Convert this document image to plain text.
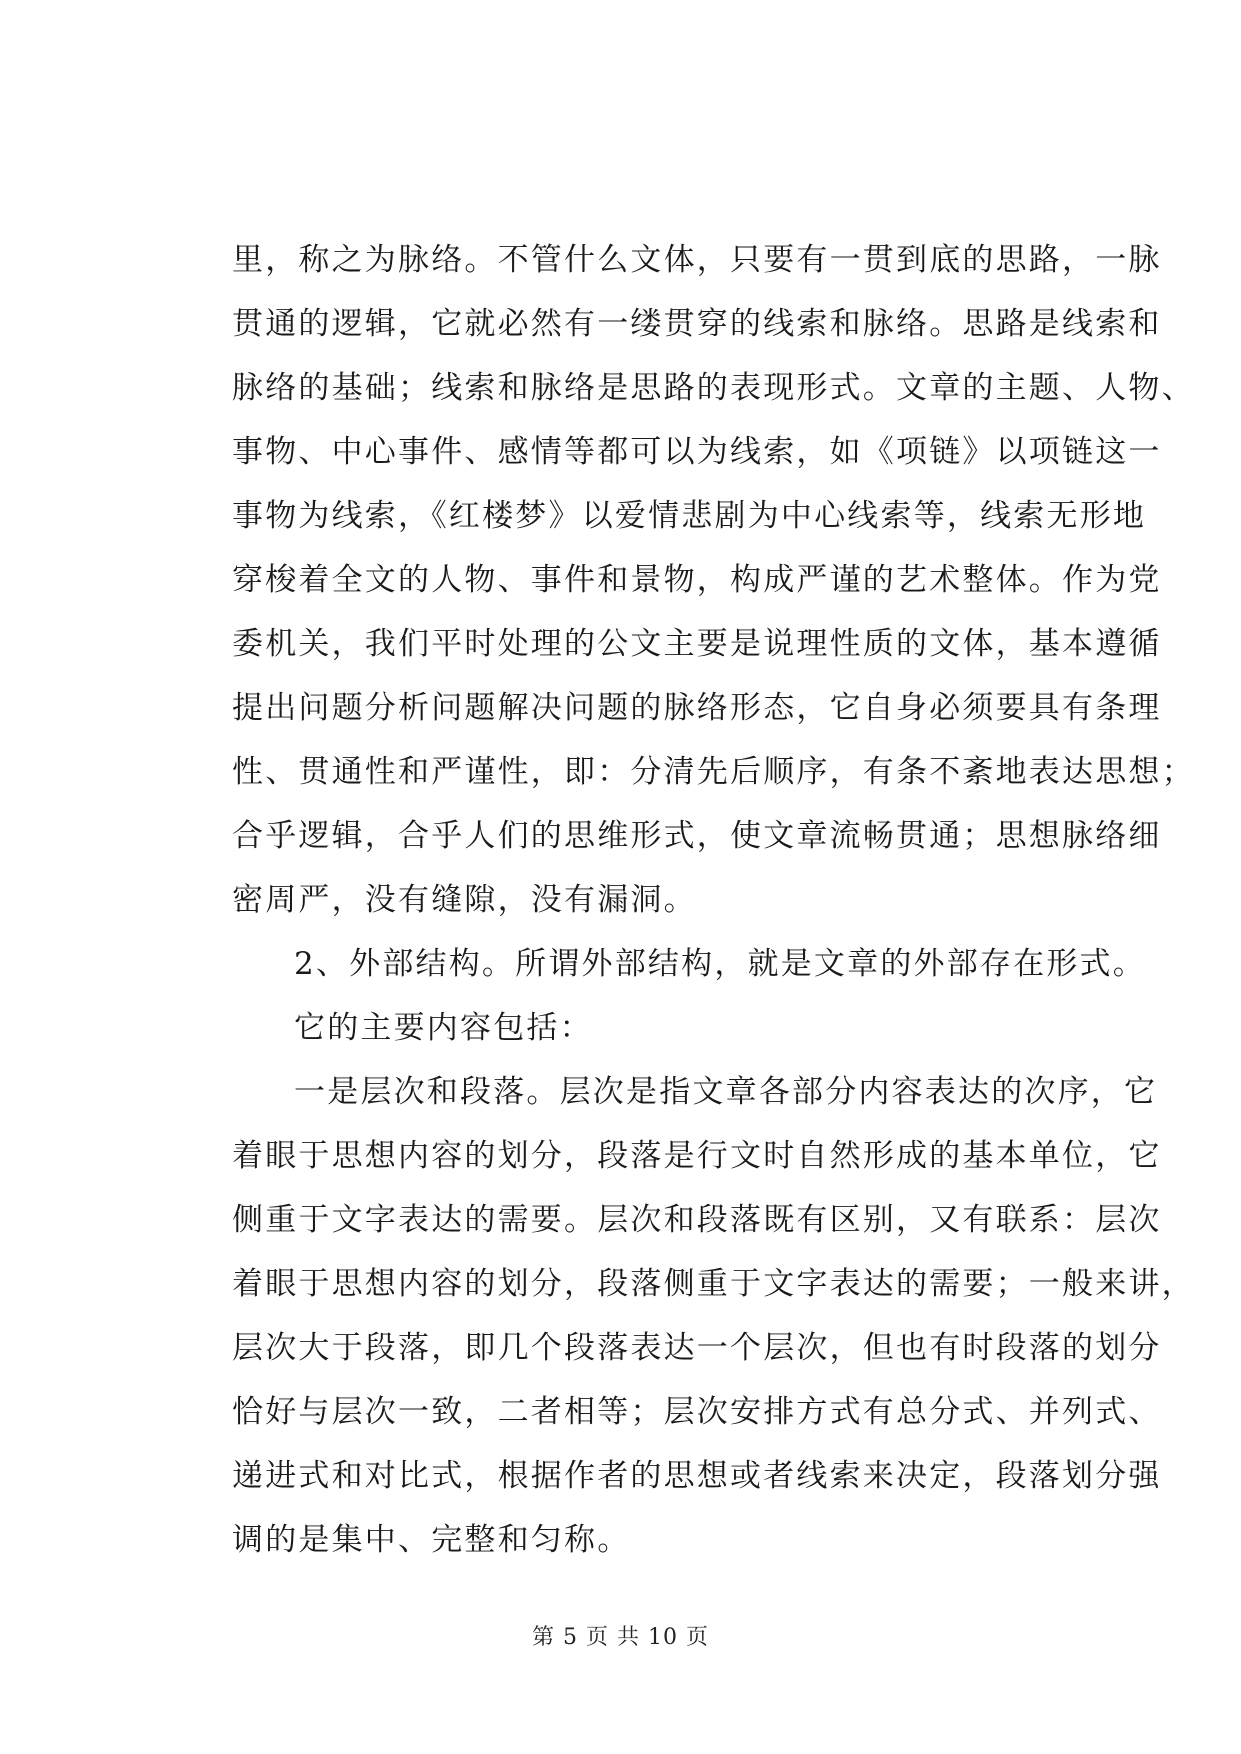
里，称之为脉络。不管什么文体，只要有一贯到底的思路，一脉
贯通的逻辑，它就必然有一缕贯穿的线索和脉络。思路是线索和
脉络的基础；线索和脉络是思路的表现形式。文章的主题、人物、
事物、中心事件、感情等都可以为线索，如《项链》以项链这一
事物为线索，《红楼梦》以爱情悲剧为中心线索等，线索无形地
穿梭着全文的人物、事件和景物，构成严谨的艺术整体。作为党
委机关，我们平时处理的公文主要是说理性质的文体，基本遵循
提出问题分析问题解决问题的脉络形态，它自身必须要具有条理
性、贯通性和严谨性，即：分清先后顺序，有条不紊地表达思想；
合乎逻辑，合乎人们的思维形式，使文章流畅贯通；思想脉络细
密周严，没有缝隙，没有漏洞。
2、外部结构。所谓外部结构，就是文章的外部存在形式。
它的主要内容包括：
一是层次和段落。层次是指文章各部分内容表达的次序，它
着眼于思想内容的划分，段落是行文时自然形成的基本单位，它
侧重于文字表达的需要。层次和段落既有区别，又有联系：层次
着眼于思想内容的划分，段落侧重于文字表达的需要；一般来讲，
层次大于段落，即几个段落表达一个层次，但也有时段落的划分
恰好与层次一致，二者相等；层次安排方式有总分式、并列式、
递进式和对比式，根据作者的思想或者线索来决定，段落划分强
调的是集中、完整和匀称。
第 5 页 共 10 页
